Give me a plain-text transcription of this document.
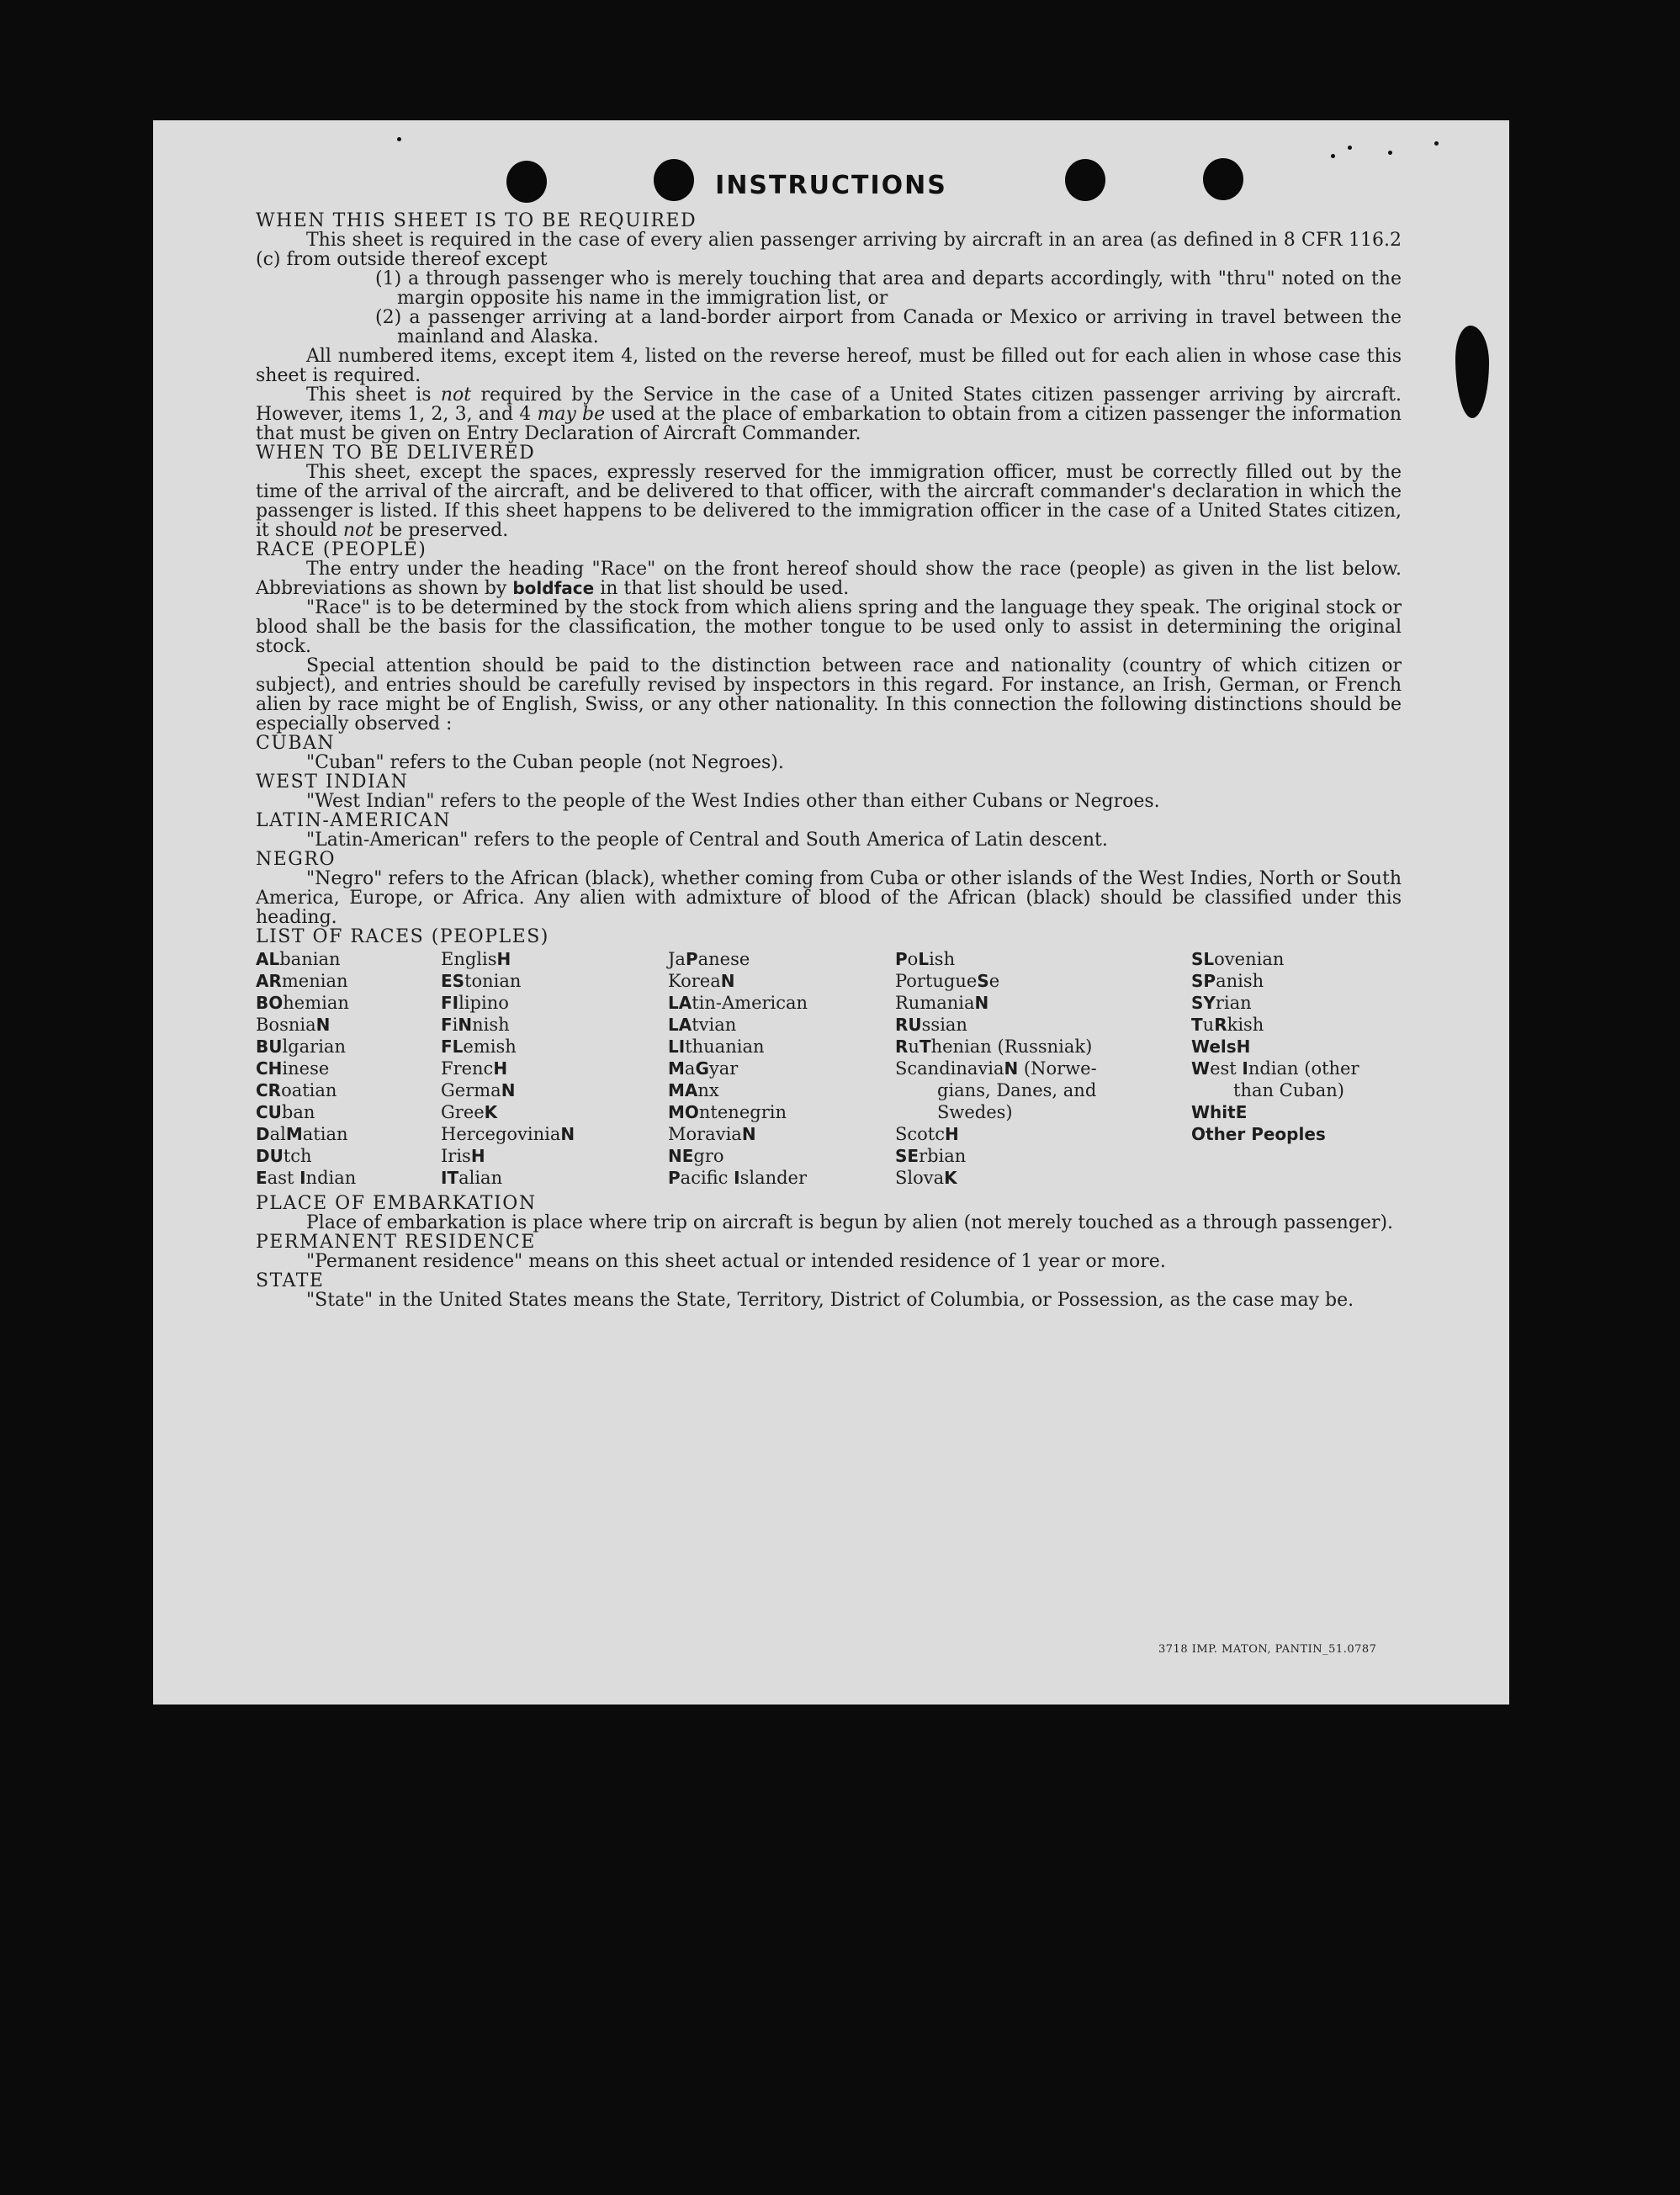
INSTRUCTIONS

WHEN THIS SHEET IS TO BE REQUIRED

This sheet is required in the case of every alien passenger arriving by aircraft in an area (as defined in 8 CFR 116.2 (c) from outside thereof except

(1) a through passenger who is merely touching that area and departs accordingly, with "thru" noted on the margin opposite his name in the immigration list, or

(2) a passenger arriving at a land-border airport from Canada or Mexico or arriving in travel between the mainland and Alaska.

All numbered items, except item 4, listed on the reverse hereof, must be filled out for each alien in whose case this sheet is required.

This sheet is not required by the Service in the case of a United States citizen passenger arriving by aircraft. However, items 1, 2, 3, and 4 may be used at the place of embarkation to obtain from a citizen passenger the information that must be given on Entry Declaration of Aircraft Commander.

WHEN TO BE DELIVERED

This sheet, except the spaces, expressly reserved for the immigration officer, must be correctly filled out by the time of the arrival of the aircraft, and be delivered to that officer, with the aircraft commander's declaration in which the passenger is listed. If this sheet happens to be delivered to the immigration officer in the case of a United States citizen, it should not be preserved.

RACE (PEOPLE)

The entry under the heading "Race" on the front hereof should show the race (people) as given in the list below. Abbreviations as shown by boldface in that list should be used.

"Race" is to be determined by the stock from which aliens spring and the language they speak. The original stock or blood shall be the basis for the classification, the mother tongue to be used only to assist in determining the original stock.

Special attention should be paid to the distinction between race and nationality (country of which citizen or subject), and entries should be carefully revised by inspectors in this regard. For instance, an Irish, German, or French alien by race might be of English, Swiss, or any other nationality. In this connection the following distinctions should be especially observed :

CUBAN

"Cuban" refers to the Cuban people (not Negroes).

WEST INDIAN

"West Indian" refers to the people of the West Indies other than either Cubans or Negroes.

LATIN-AMERICAN

"Latin-American" refers to the people of Central and South America of Latin descent.

NEGRO

"Negro" refers to the African (black), whether coming from Cuba or other islands of the West Indies, North or South America, Europe, or Africa. Any alien with admixture of blood of the African (black) should be classified under this heading.

LIST OF RACES (PEOPLES)

ALbanian
ARmenian
BOhemian
BosniaN
BUlgarian
CHinese
CRoatian
CUban
DalMatian
DUtch
East Indian
EnglisH
EStonian
FIlipino
FiNnish
FLemish
FrencH
GermaN
GreeK
HercegoviniaN
IrisH
ITalian
JaPanese
KoreaN
LAtin-American
LAtvian
LIthuanian
MaGyar
MAnx
MOntenegrin
MoraviaN
NEgro
Pacific Islander
PoLish
PortugueSe
RumaniaN
RUssian
RuThenian (Russniak)
ScandinaviaN (Norwe-
gians, Danes, and
Swedes)
ScotcH
SErbian
SlovaK
SLovenian
SPanish
SYrian
TuRkish
WelsH
West Indian (other
than Cuban)
WhitE
Other Peoples

PLACE OF EMBARKATION

Place of embarkation is place where trip on aircraft is begun by alien (not merely touched as a through passenger).

PERMANENT RESIDENCE

"Permanent residence" means on this sheet actual or intended residence of 1 year or more.

STATE

"State" in the United States means the State, Territory, District of Columbia, or Possession, as the case may be.

3718 IMP. MATON, PANTIN_51.0787
